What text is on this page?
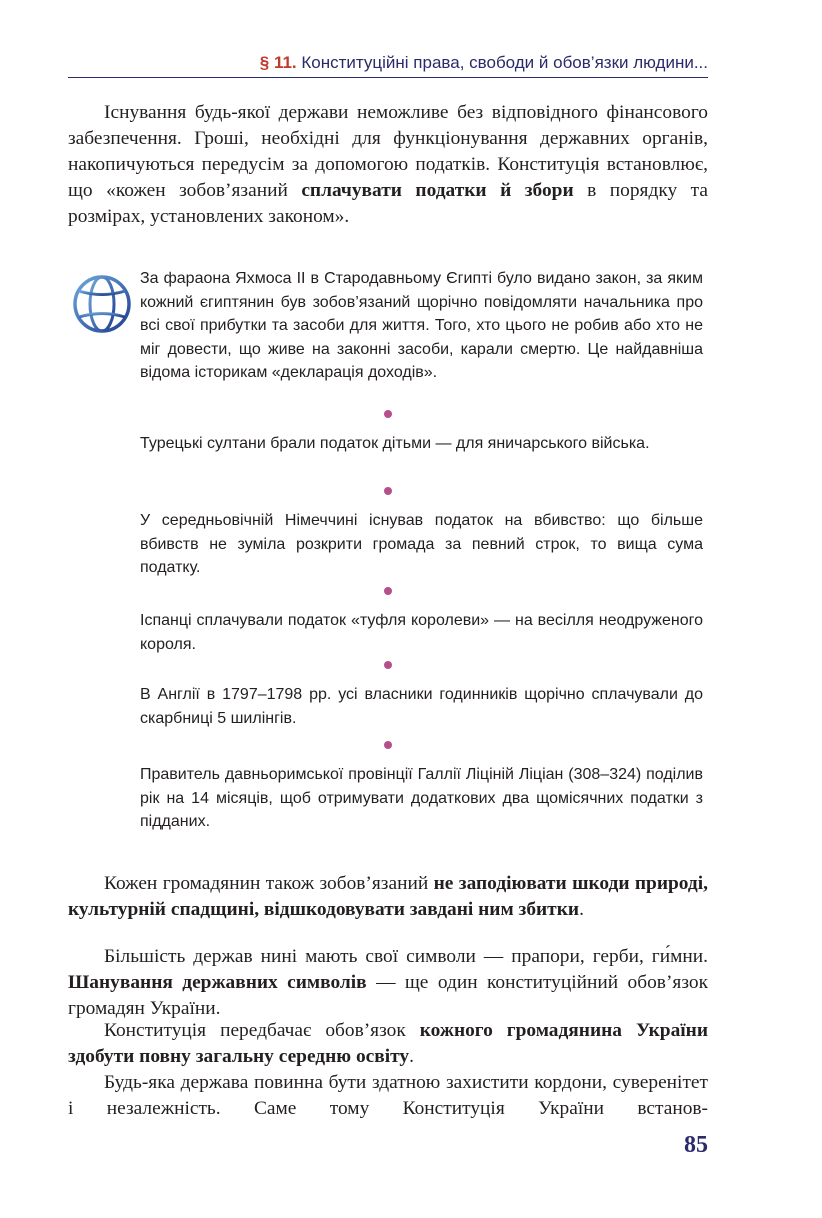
§ 11. Конституційні права, свободи й обов’язки людини...

Існування будь-якої держави неможливе без відповідного фінансового забезпечення. Гроші, необхідні для функціонування державних органів, накопичуються передусім за допомогою податків. Конституція встановлює, що «кожен зобов’язаний сплачувати податки й збори в порядку та розмірах, установлених законом».

За фараона Яхмоса ІІ в Стародавньому Єгипті було видано закон, за яким кожний єгиптянин був зобов’язаний щорічно повідомляти начальника про всі свої прибутки та засоби для життя. Того, хто цього не робив або хто не міг довести, що живе на законні засоби, карали смертю. Це найдавніша відома історикам «декларація доходів».

Турецькі султани брали податок дітьми — для яничарського війська.

У середньовічній Німеччині існував податок на вбивство: що більше вбивств не зуміла розкрити громада за певний строк, то вища сума податку.

Іспанці сплачували податок «туфля королеви» — на весілля неодруженого короля.

В Англії в 1797–1798 рр. усі власники годинників щорічно сплачували до скарбниці 5 шилінгів.

Правитель давньоримської провінції Галлії Ліціній Ліціан (308–324) поділив рік на 14 місяців, щоб отримувати додаткових два щомісячних податки з підданих.

Кожен громадянин також зобов’язаний не заподіювати шкоди природі, культурній спадщині, відшкодовувати завдані ним збитки.

Більшість держав нині мають свої символи — прапори, герби, ги́мни. Шанування державних символів — ще один конституційний обов’язок громадян України.

Конституція передбачає обов’язок кожного громадянина України здобути повну загальну середню освіту.

Будь-яка держава повинна бути здатною захистити кордони, суверенітет і незалежність. Саме тому Конституція України встанов-

85
